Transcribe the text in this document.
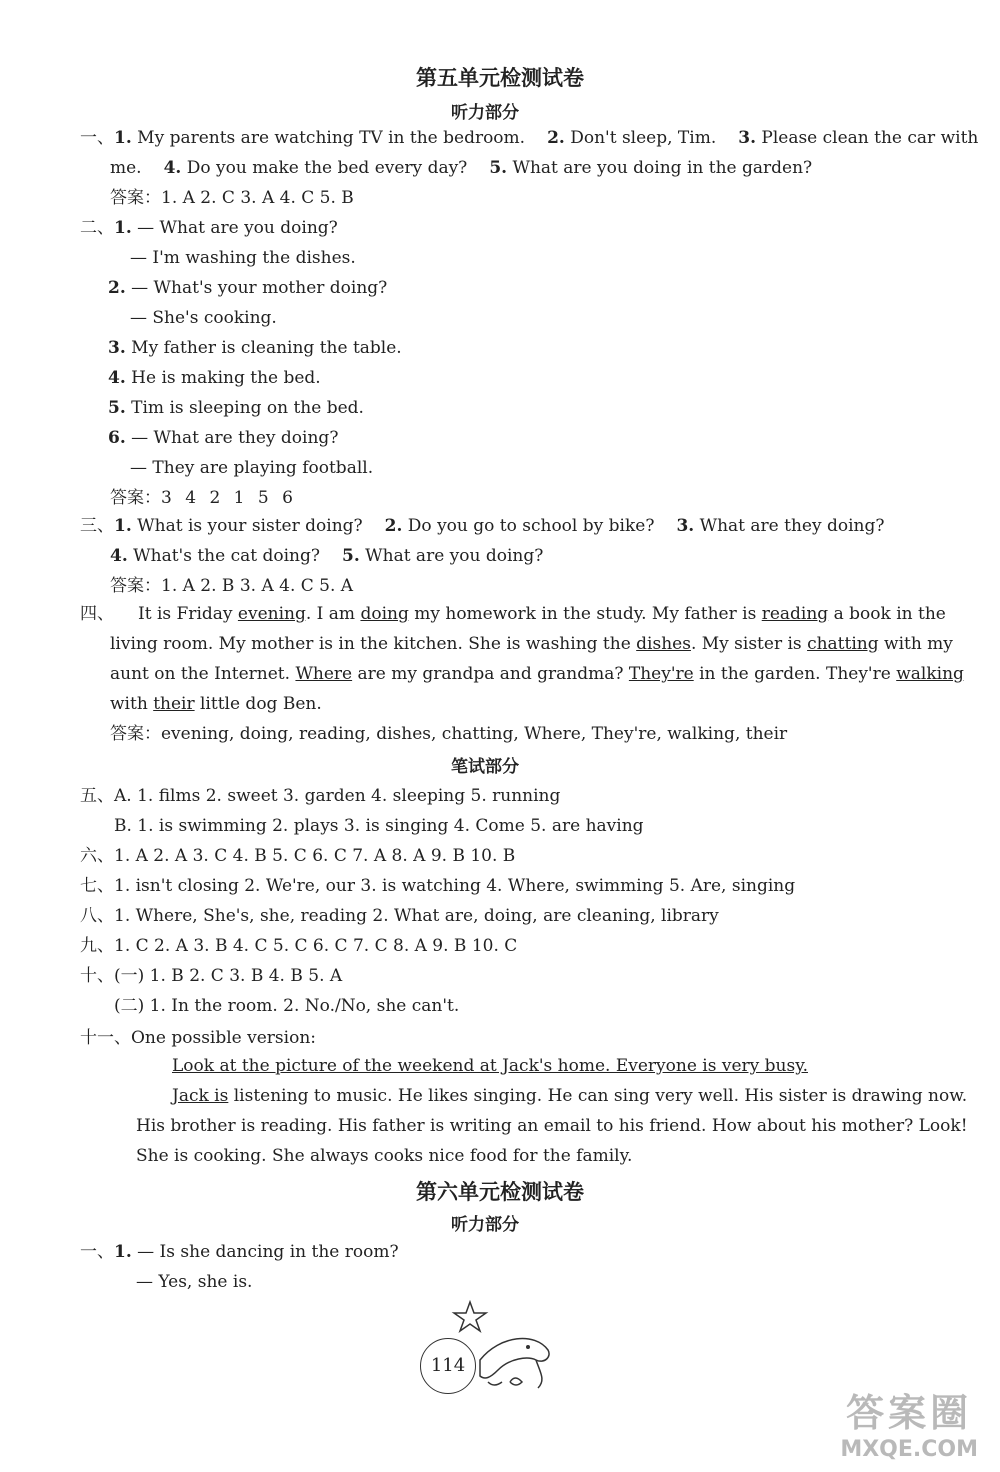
第五单元检测试卷
听力部分
一、1. My parents are watching TV in the bedroom. 2. Don't sleep, Tim. 3. Please clean the car with
me. 4. Do you make the bed every day? 5. What are you doing in the garden?
答案：1. A 2. C 3. A 4. C 5. B
二、1. — What are you doing?
— I'm washing the dishes.
2. — What's your mother doing?
— She's cooking.
3. My father is cleaning the table.
4. He is making the bed.
5. Tim is sleeping on the bed.
6. — What are they doing?
— They are playing football.
答案：3 4 2 1 5 6
三、1. What is your sister doing? 2. Do you go to school by bike? 3. What are they doing?
4. What's the cat doing? 5. What are you doing?
答案：1. A 2. B 3. A 4. C 5. A
四、 It is Friday evening. I am doing my homework in the study. My father is reading a book in the
living room. My mother is in the kitchen. She is washing the dishes. My sister is chatting with my
aunt on the Internet. Where are my grandpa and grandma? They're in the garden. They're walking
with their little dog Ben.
答案：evening, doing, reading, dishes, chatting, Where, They're, walking, their
笔试部分
五、A. 1. films 2. sweet 3. garden 4. sleeping 5. running
B. 1. is swimming 2. plays 3. is singing 4. Come 5. are having
六、1. A 2. A 3. C 4. B 5. C 6. C 7. A 8. A 9. B 10. B
七、1. isn't closing 2. We're, our 3. is watching 4. Where, swimming 5. Are, singing
八、1. Where, She's, she, reading 2. What are, doing, are cleaning, library
九、1. C 2. A 3. B 4. C 5. C 6. C 7. C 8. A 9. B 10. C
十、(一) 1. B 2. C 3. B 4. B 5. A
(二) 1. In the room. 2. No./No, she can't.
十一、One possible version:
Look at the picture of the weekend at Jack's home. Everyone is very busy.
Jack is listening to music. He likes singing. He can sing very well. His sister is drawing now.
His brother is reading. His father is writing an email to his friend. How about his mother? Look!
She is cooking. She always cooks nice food for the family.
第六单元检测试卷
听力部分
一、1. — Is she dancing in the room?
— Yes, she is.
114
答案圈
MXQE.COM
